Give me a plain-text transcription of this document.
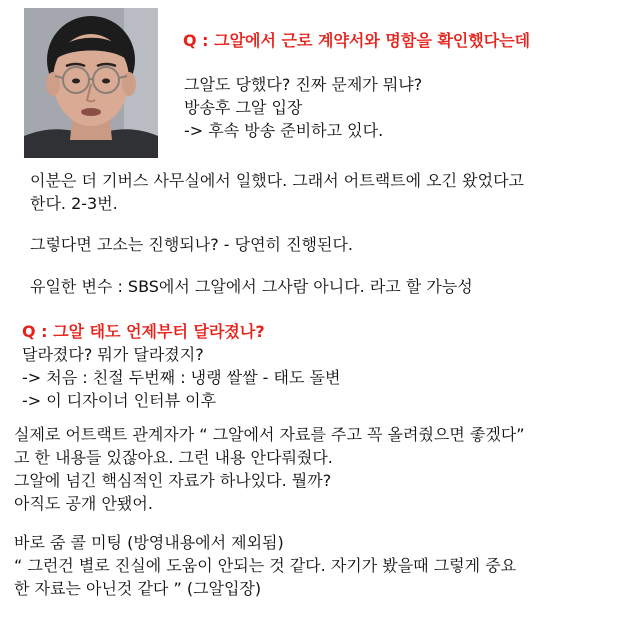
Q : 그알에서 근로 계약서와 명함을 확인했다는데
그알도 당했다? 진짜 문제가 뭐냐?
방송후 그알 입장
-> 후속 방송 준비하고 있다.
이분은 더 기버스 사무실에서 일했다. 그래서 어트랙트에 오긴 왔었다고
한다. 2-3번.
그렇다면 고소는 진행되나? - 당연히 진행된다.
유일한 변수 : SBS에서 그알에서 그사람 아니다. 라고 할 가능성
Q : 그알 태도 언제부터 달라졌나?
달라졌다? 뭐가 달라졌지?
-> 처음 : 친절 두번째 : 냉랭 쌀쌀 - 태도 돌변
-> 이 디자이너 인터뷰 이후
실제로 어트랙트 관계자가 “ 그알에서 자료를 주고 꼭 올려줬으면 좋겠다”
고 한 내용들 있잖아요. 그런 내용 안다뤄줬다.
그알에 넘긴 핵심적인 자료가 하나있다. 뭘까?
아직도 공개 안됐어.
바로 줌 콜 미팅 (방영내용에서 제외됨)
“ 그런건 별로 진실에 도움이 안되는 것 같다. 자기가 봤을때 그렇게 중요
한 자료는 아닌것 같다 ” (그알입장)
